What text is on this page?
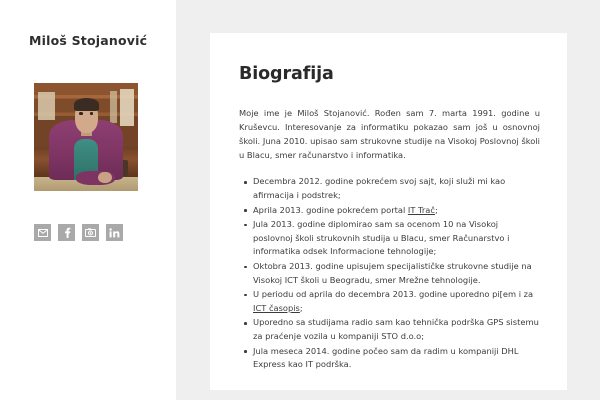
Miloš Stojanović
Biografija

Moje ime je Miloš Stojanović. Rođen sam 7. marta 1991. godine u Kruševcu. Interesovanje za informatiku pokazao sam još u osnovnoj školi. Juna 2010. upisao sam strukovne studije na Visokoj Poslovnoj školi u Blacu, smer računarstvo i informatika.

Decembra 2012. godine pokrećem svoj sajt, koji služi mi kao afirmacija i podstrek;
Aprila 2013. godine pokrećem portal IT Trač;
Jula 2013. godine diplomirao sam sa ocenom 10 na Visokoj poslovnoj školi strukovnih studija u Blacu, smer Računarstvo i informatika odsek Informacione tehnologije;
Oktobra 2013. godine upisujem specijalističke strukovne studije na Visokoj ICT školi u Beogradu, smer Mrežne tehnologije.
U periodu od aprila do decembra 2013. godine uporedno pi[em i za ICT časopis;
Uporedno sa studijama radio sam kao tehnička podrška GPS sistemu za praćenje vozila u kompaniji STO d.o.o;
Jula meseca 2014. godine počeo sam da radim u kompaniji DHL Express kao IT podrška.
